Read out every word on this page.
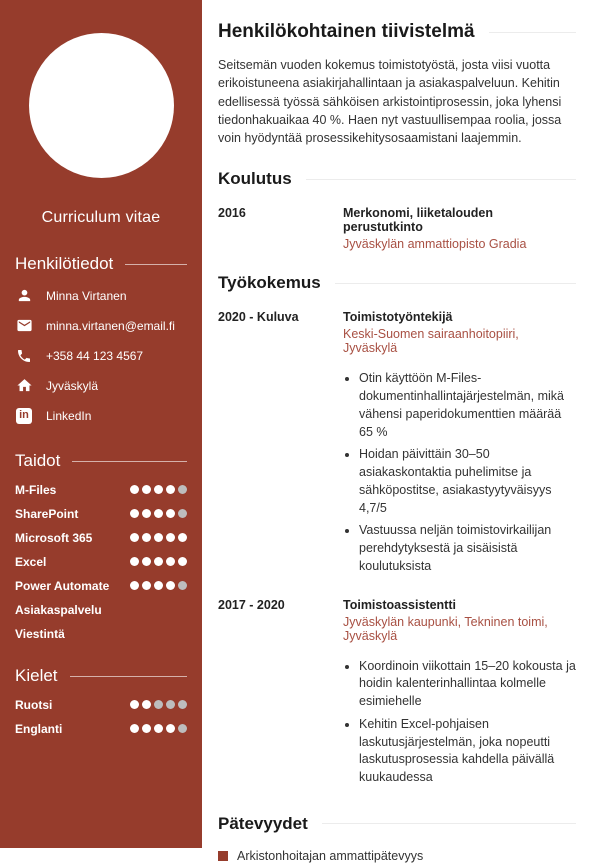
Curriculum vitae
Henkilötiedot
Minna Virtanen
minna.virtanen@email.fi
+358 44 123 4567
Jyväskylä
in LinkedIn
Taidot
M-Files
SharePoint
Microsoft 365
Excel
Power Automate
Asiakaspalvelu
Viestintä
Kielet
Ruotsi
Englanti
Henkilökohtainen tiivistelmä

Seitsemän vuoden kokemus toimistotyöstä, josta viisi vuotta erikoistuneena asiakirjahallintaan ja asiakaspalveluun. Kehitin edellisessä työssä sähköisen arkistointiprosessin, joka lyhensi tiedonhakuaikaa 40 %. Haen nyt vastuullisempaa roolia, jossa voin hyödyntää prosessikehitysosaamistani laajemmin.

Koulutus
2016	Merkonomi, liiketalouden perustutkinto
Jyväskylän ammattiopisto Gradia
Työkokemus
2020 - Kuluva	Toimistotyöntekijä
Keski-Suomen sairaanhoitopiiri, Jyväskylä
• Otin käyttöön M-Files-dokumentinhallintajärjestelmän, mikä vähensi paperidokumenttien määrää 65 %
• Hoidan päivittäin 30–50 asiakaskontaktia puhelimitse ja sähköpostitse, asiakastyytyväisyys 4,7/5
• Vastuussa neljän toimistovirkailijan perehdytyksestä ja sisäisistä koulutuksista
2017 - 2020	Toimistoassistentti
Jyväskylän kaupunki, Tekninen toimi, Jyväskylä
• Koordinoin viikottain 15–20 kokousta ja hoidin kalenterinhallintaa kolmelle esimiehelle
• Kehitin Excel-pohjaisen laskutusjärjestelmän, joka nopeutti laskutusprosessia kahdella päivällä kuukaudessa
Pätevyydet
Arkistonhoitajan ammattipätevyys
